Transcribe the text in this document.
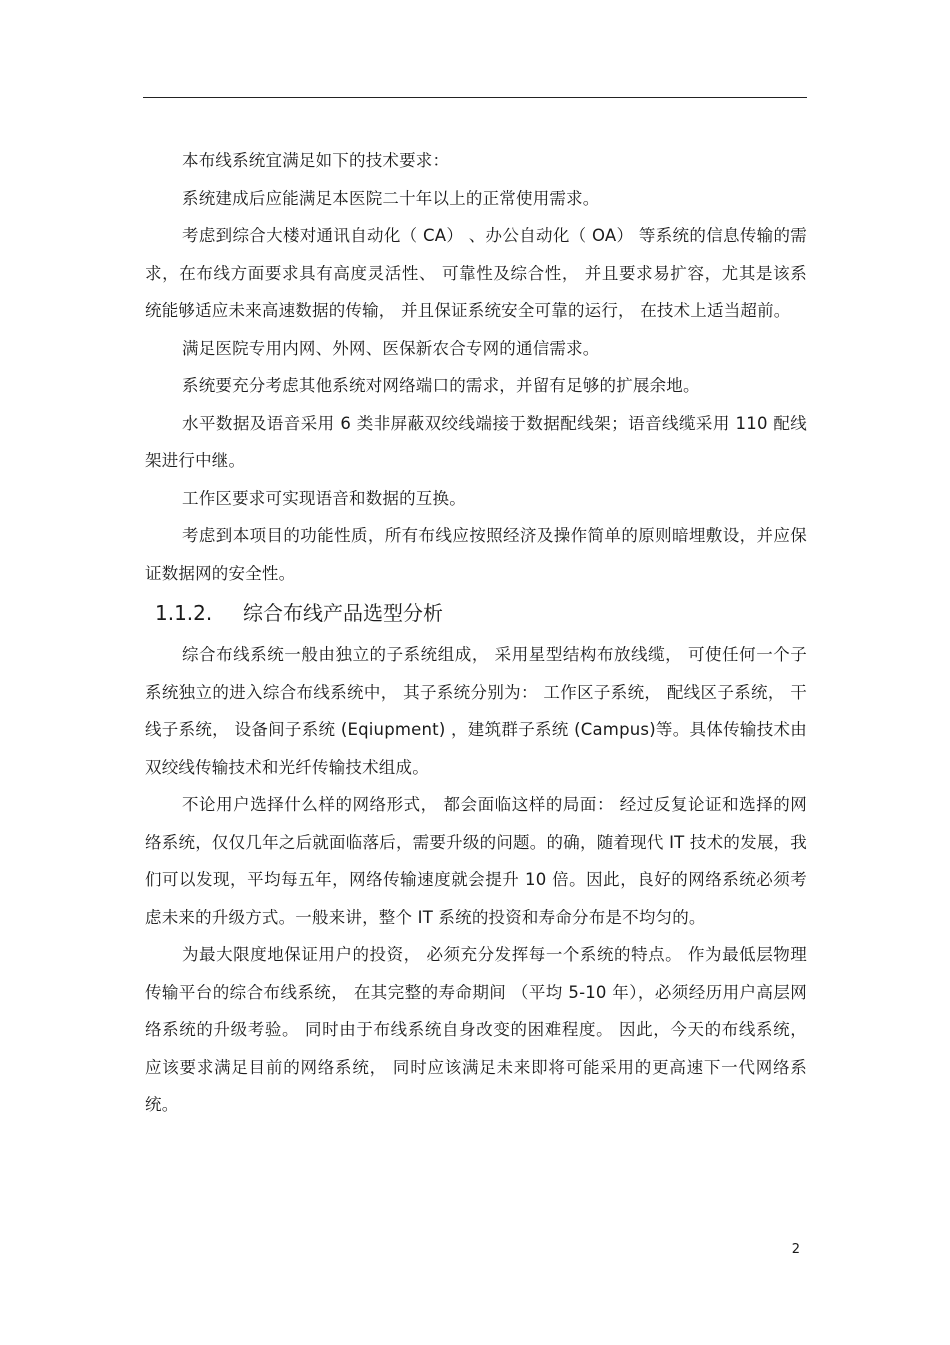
本布线系统宜满足如下的技术要求：

系统建成后应能满足本医院二十年以上的正常使用需求。

考虑到综合大楼对通讯自动化（ CA） 、办公自动化（ OA） 等系统的信息传输的需求，在布线方面要求具有高度灵活性、 可靠性及综合性， 并且要求易扩容，尤其是该系统能够适应未来高速数据的传输， 并且保证系统安全可靠的运行， 在技术上适当超前。

满足医院专用内网、外网、医保新农合专网的通信需求。

系统要充分考虑其他系统对网络端口的需求，并留有足够的扩展余地。

水平数据及语音采用 6 类非屏蔽双绞线端接于数据配线架；语音线缆采用 110 配线架进行中继。

工作区要求可实现语音和数据的互换。

考虑到本项目的功能性质，所有布线应按照经济及操作简单的原则暗埋敷设，并应保证数据网的安全性。

1.1.2.	综合布线产品选型分析

综合布线系统一般由独立的子系统组成， 采用星型结构布放线缆， 可使任何一个子系统独立的进入综合布线系统中， 其子系统分别为： 工作区子系统， 配线区子系统， 干线子系统， 设备间子系统 (Eqiupment) ，建筑群子系统 (Campus)等。具体传输技术由双绞线传输技术和光纤传输技术组成。

不论用户选择什么样的网络形式， 都会面临这样的局面： 经过反复论证和选择的网络系统，仅仅几年之后就面临落后，需要升级的问题。的确，随着现代 IT 技术的发展，我们可以发现，平均每五年，网络传输速度就会提升 10 倍。因此，良好的网络系统必须考虑未来的升级方式。一般来讲，整个 IT 系统的投资和寿命分布是不均匀的。

为最大限度地保证用户的投资， 必须充分发挥每一个系统的特点。 作为最低层物理传输平台的综合布线系统， 在其完整的寿命期间 （平均 5-10 年），必须经历用户高层网络系统的升级考验。 同时由于布线系统自身改变的困难程度。 因此，今天的布线系统， 应该要求满足目前的网络系统， 同时应该满足未来即将可能采用的更高速下一代网络系统。

2
